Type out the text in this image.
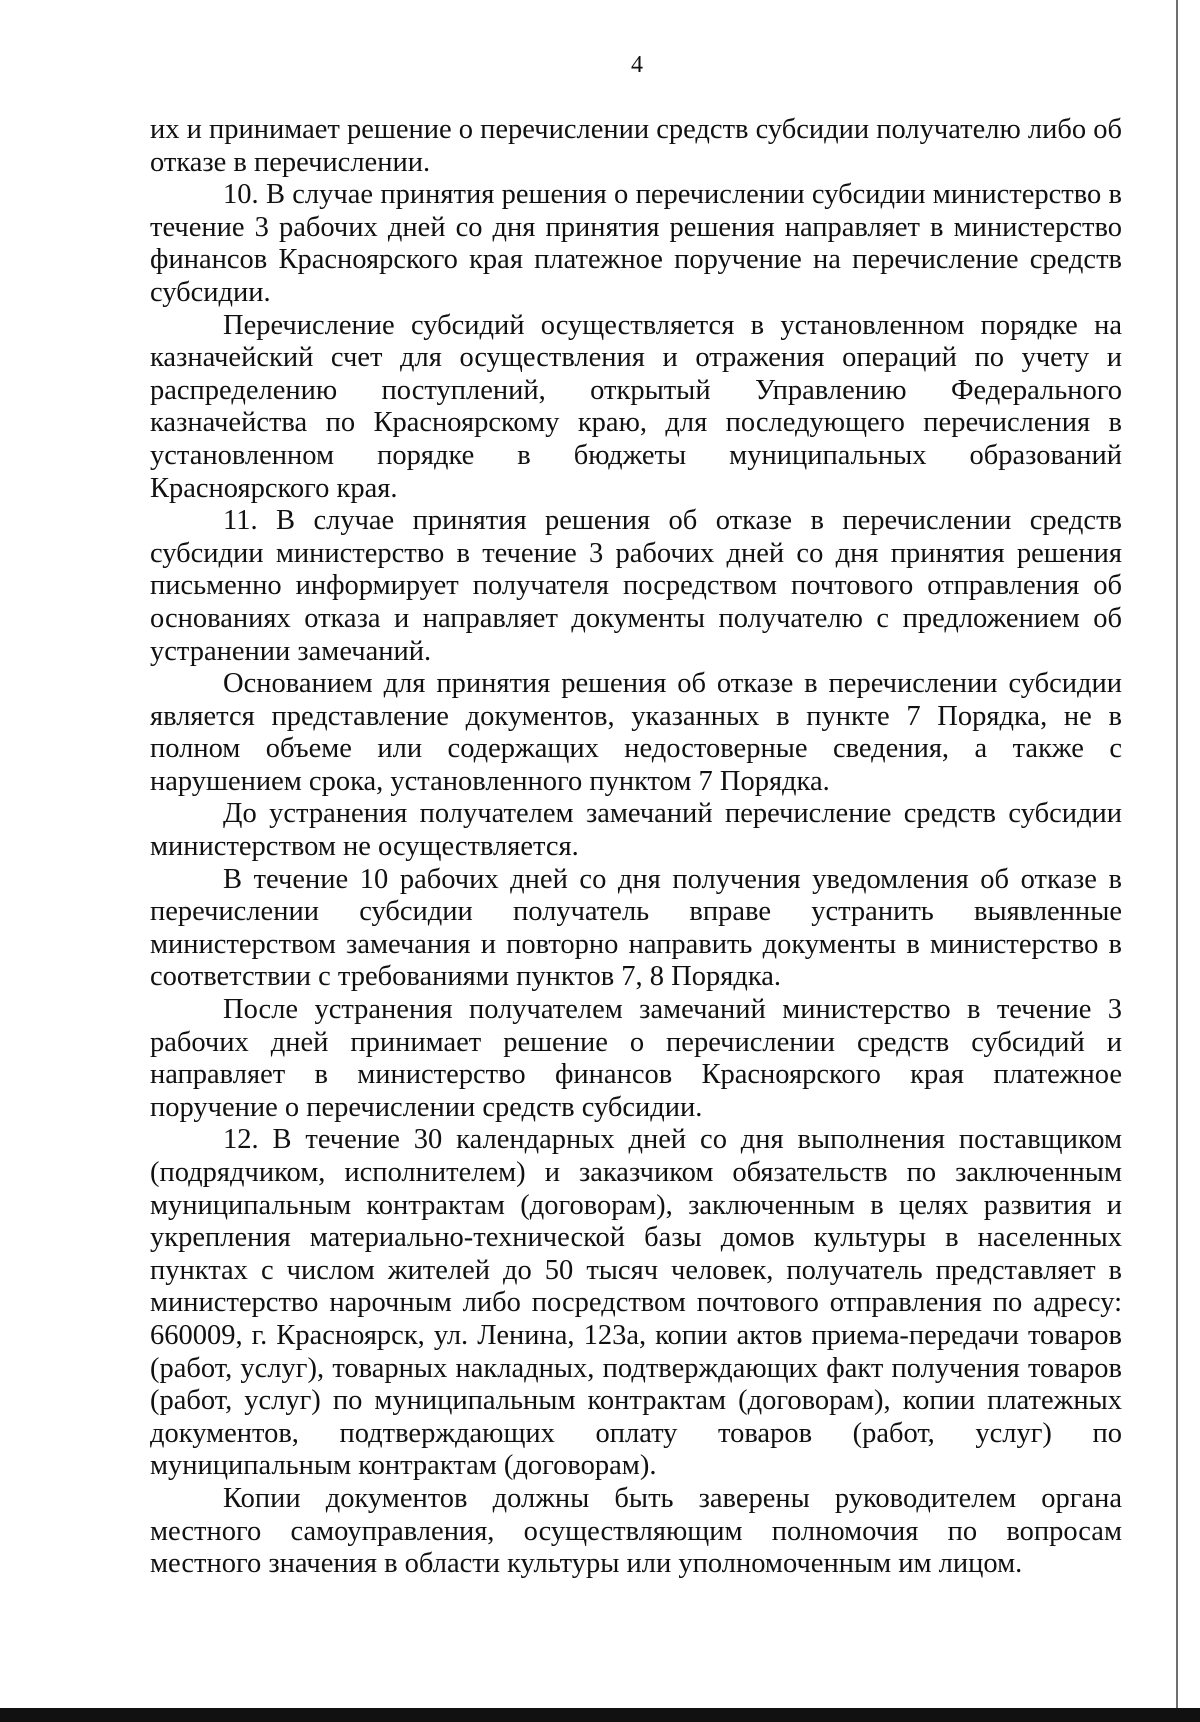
4

их и принимает решение о перечислении средств субсидии получателю либо об отказе в перечислении.

10. В случае принятия решения о перечислении субсидии министерство в течение 3 рабочих дней со дня принятия решения направляет в министерство финансов Красноярского края платежное поручение на перечисление средств субсидии.

Перечисление субсидий осуществляется в установленном порядке на казначейский счет для осуществления и отражения операций по учету и распределению поступлений, открытый Управлению Федерального казначейства по Красноярскому краю, для последующего перечисления в установленном порядке в бюджеты муниципальных образований Красноярского края.

11. В случае принятия решения об отказе в перечислении средств субсидии министерство в течение 3 рабочих дней со дня принятия решения письменно информирует получателя посредством почтового отправления об основаниях отказа и направляет документы получателю с предложением об устранении замечаний.

Основанием для принятия решения об отказе в перечислении субсидии является представление документов, указанных в пункте 7 Порядка, не в полном объеме или содержащих недостоверные сведения, а также с нарушением срока, установленного пунктом 7 Порядка.

До устранения получателем замечаний перечисление средств субсидии министерством не осуществляется.

В течение 10 рабочих дней со дня получения уведомления об отказе в перечислении субсидии получатель вправе устранить выявленные министерством замечания и повторно направить документы в министерство в соответствии с требованиями пунктов 7, 8 Порядка.

После устранения получателем замечаний министерство в течение 3 рабочих дней принимает решение о перечислении средств субсидий и направляет в министерство финансов Красноярского края платежное поручение о перечислении средств субсидии.

12. В течение 30 календарных дней со дня выполнения поставщиком (подрядчиком, исполнителем) и заказчиком обязательств по заключенным муниципальным контрактам (договорам), заключенным в целях развития и укрепления материально-технической базы домов культуры в населенных пунктах с числом жителей до 50 тысяч человек, получатель представляет в министерство нарочным либо посредством почтового отправления по адресу: 660009, г. Красноярск, ул. Ленина, 123а, копии актов приема-передачи товаров (работ, услуг), товарных накладных, подтверждающих факт получения товаров (работ, услуг) по муниципальным контрактам (договорам), копии платежных документов, подтверждающих оплату товаров (работ, услуг) по муниципальным контрактам (договорам).

Копии документов должны быть заверены руководителем органа местного самоуправления, осуществляющим полномочия по вопросам местного значения в области культуры или уполномоченным им лицом.
